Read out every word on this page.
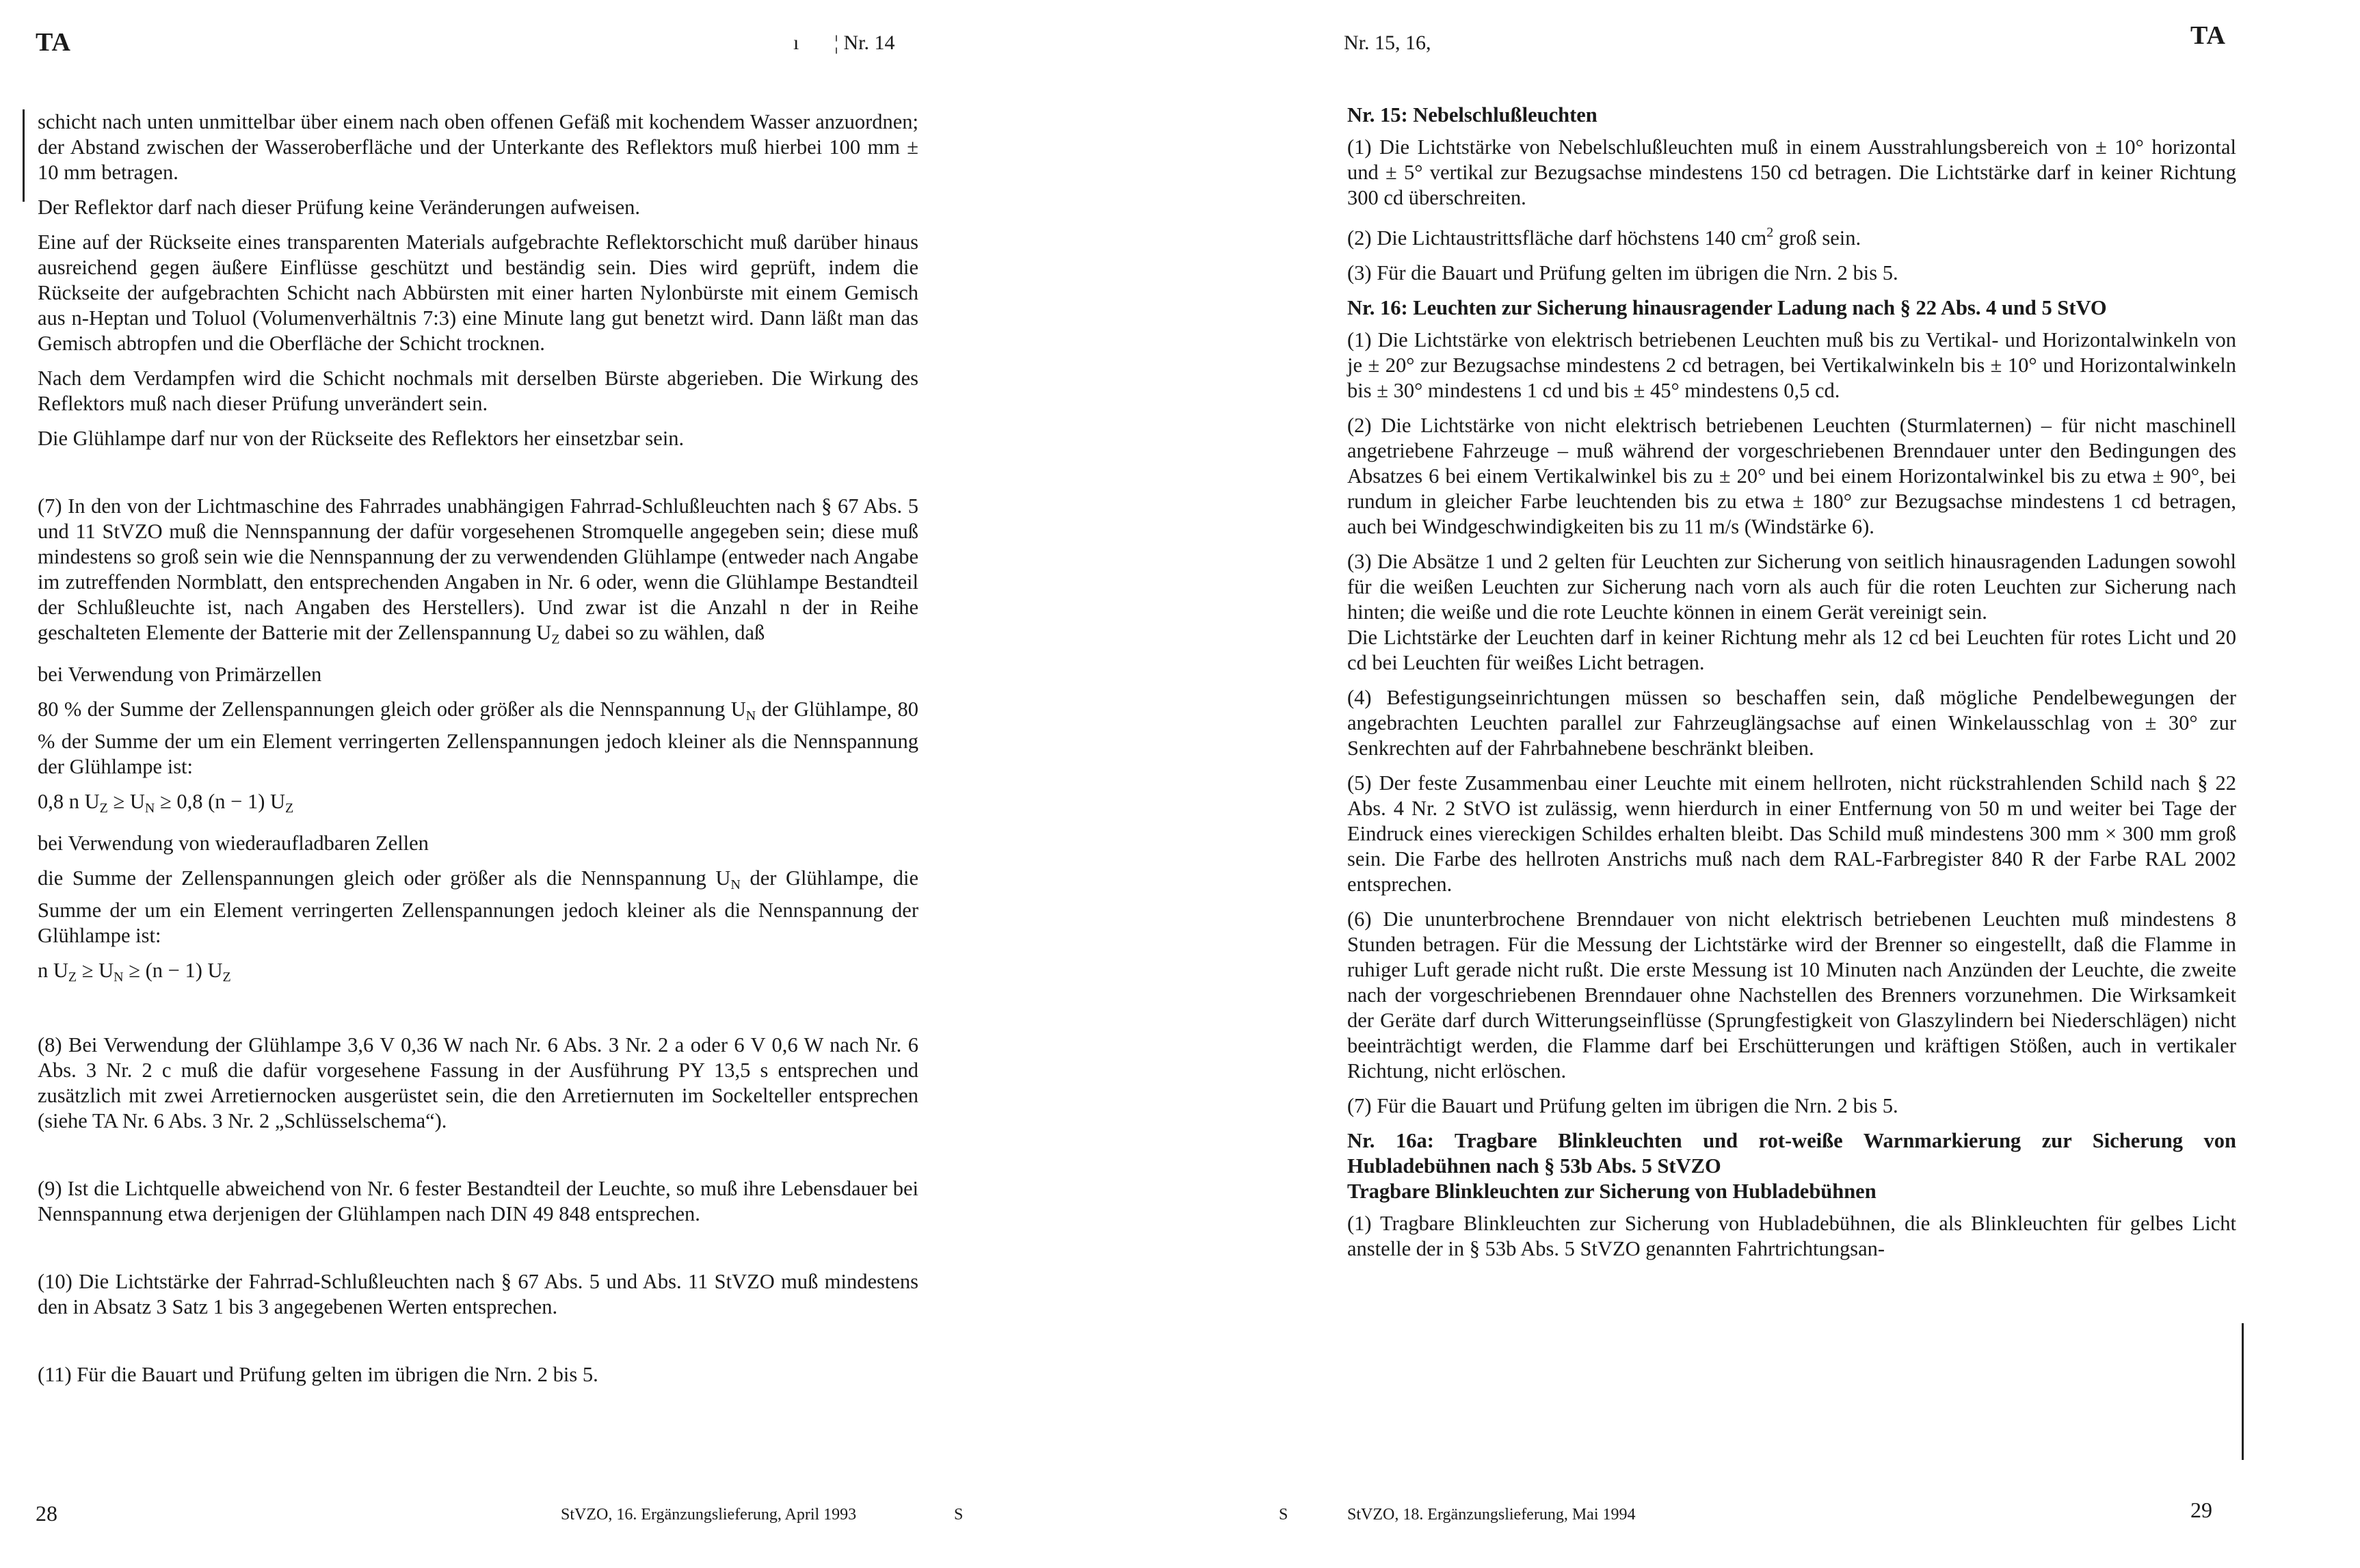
TA	ı ¦ Nr. 14

schicht nach unten unmittelbar über einem nach oben offenen Gefäß mit kochendem Wasser anzuordnen; der Abstand zwischen der Wasseroberfläche und der Unterkante des Reflektors muß hierbei 100 mm ± 10 mm betragen.

Der Reflektor darf nach dieser Prüfung keine Veränderungen aufweisen.

Eine auf der Rückseite eines transparenten Materials aufgebrachte Reflektorschicht muß darüber hinaus ausreichend gegen äußere Einflüsse geschützt und beständig sein. Dies wird geprüft, indem die Rückseite der aufgebrachten Schicht nach Abbürsten mit einer harten Nylonbürste mit einem Gemisch aus n-Heptan und Toluol (Volumenverhältnis 7:3) eine Minute lang gut benetzt wird. Dann läßt man das Gemisch abtropfen und die Oberfläche der Schicht trocknen.

Nach dem Verdampfen wird die Schicht nochmals mit derselben Bürste abgerieben. Die Wirkung des Reflektors muß nach dieser Prüfung unverändert sein.

Die Glühlampe darf nur von der Rückseite des Reflektors her einsetzbar sein.

(7) In den von der Lichtmaschine des Fahrrades unabhängigen Fahrrad-Schlußleuchten nach § 67 Abs. 5 und 11 StVZO muß die Nennspannung der dafür vorgesehenen Stromquelle angegeben sein; diese muß mindestens so groß sein wie die Nennspannung der zu verwendenden Glühlampe (entweder nach Angabe im zutreffenden Normblatt, den entsprechenden Angaben in Nr. 6 oder, wenn die Glühlampe Bestandteil der Schlußleuchte ist, nach Angaben des Herstellers). Und zwar ist die Anzahl n der in Reihe geschalteten Elemente der Batterie mit der Zellenspannung $U_Z$ dabei so zu wählen, daß

bei Verwendung von Primärzellen

80 % der Summe der Zellenspannungen gleich oder größer als die Nennspannung $U_N$ der Glühlampe, 80 % der Summe der um ein Element verringerten Zellenspannungen jedoch kleiner als die Nennspannung der Glühlampe ist:

0,8 n $U_Z \ge U_N \ge 0,8$ (n − 1) $U_Z$

bei Verwendung von wiederaufladbaren Zellen

die Summe der Zellenspannungen gleich oder größer als die Nennspannung $U_N$ der Glühlampe, die Summe der um ein Element verringerten Zellenspannungen jedoch kleiner als die Nennspannung der Glühlampe ist:

n $U_Z \ge U_N \ge (n - 1)$ $U_Z$

(8) Bei Verwendung der Glühlampe 3,6 V 0,36 W nach Nr. 6 Abs. 3 Nr. 2 a oder 6 V 0,6 W nach Nr. 6 Abs. 3 Nr. 2 c muß die dafür vorgesehene Fassung in der Ausführung PY 13,5 s entsprechen und zusätzlich mit zwei Arretiernocken ausgerüstet sein, die den Arretiernuten im Sockelteller entsprechen (siehe TA Nr. 6 Abs. 3 Nr. 2 „Schlüsselschema“).

(9) Ist die Lichtquelle abweichend von Nr. 6 fester Bestandteil der Leuchte, so muß ihre Lebensdauer bei Nennspannung etwa derjenigen der Glühlampen nach DIN 49 848 entsprechen.

(10) Die Lichtstärke der Fahrrad-Schlußleuchten nach § 67 Abs. 5 und Abs. 11 StVZO muß mindestens den in Absatz 3 Satz 1 bis 3 angegebenen Werten entsprechen.

(11) Für die Bauart und Prüfung gelten im übrigen die Nrn. 2 bis 5.

28	StVZO, 16. Ergänzungslieferung, April 1993	S
Nr. 15, 16,	TA

Nr. 15: Nebelschlußleuchten

(1) Die Lichtstärke von Nebelschlußleuchten muß in einem Ausstrahlungsbereich von ± 10° horizontal und ± 5° vertikal zur Bezugsachse mindestens 150 cd betragen. Die Lichtstärke darf in keiner Richtung 300 cd überschreiten.

(2) Die Lichtaustrittsfläche darf höchstens 140 $cm^2$ groß sein.

(3) Für die Bauart und Prüfung gelten im übrigen die Nrn. 2 bis 5.

Nr. 16: Leuchten zur Sicherung hinausragender Ladung nach § 22 Abs. 4 und 5 StVO

(1) Die Lichtstärke von elektrisch betriebenen Leuchten muß bis zu Vertikal- und Horizontalwinkeln von je ± 20° zur Bezugsachse mindestens 2 cd betragen, bei Vertikalwinkeln bis ± 10° und Horizontalwinkeln bis ± 30° mindestens 1 cd und bis ± 45° mindestens 0,5 cd.

(2) Die Lichtstärke von nicht elektrisch betriebenen Leuchten (Sturmlaternen) – für nicht maschinell angetriebene Fahrzeuge – muß während der vorgeschriebenen Brenndauer unter den Bedingungen des Absatzes 6 bei einem Vertikalwinkel bis zu ± 20° und bei einem Horizontalwinkel bis zu etwa ± 90°, bei rundum in gleicher Farbe leuchtenden bis zu etwa ± 180° zur Bezugsachse mindestens 1 cd betragen, auch bei Windgeschwindigkeiten bis zu 11 m/s (Windstärke 6).

(3) Die Absätze 1 und 2 gelten für Leuchten zur Sicherung von seitlich hinausragenden Ladungen sowohl für die weißen Leuchten zur Sicherung nach vorn als auch für die roten Leuchten zur Sicherung nach hinten; die weiße und die rote Leuchte können in einem Gerät vereinigt sein.

Die Lichtstärke der Leuchten darf in keiner Richtung mehr als 12 cd bei Leuchten für rotes Licht und 20 cd bei Leuchten für weißes Licht betragen.

(4) Befestigungseinrichtungen müssen so beschaffen sein, daß mögliche Pendelbewegungen der angebrachten Leuchten parallel zur Fahrzeuglängsachse auf einen Winkelausschlag von ± 30° zur Senkrechten auf der Fahrbahnebene beschränkt bleiben.

(5) Der feste Zusammenbau einer Leuchte mit einem hellroten, nicht rückstrahlenden Schild nach § 22 Abs. 4 Nr. 2 StVO ist zulässig, wenn hierdurch in einer Entfernung von 50 m und weiter bei Tage der Eindruck eines viereckigen Schildes erhalten bleibt. Das Schild muß mindestens 300 mm × 300 mm groß sein. Die Farbe des hellroten Anstrichs muß nach dem RAL-Farbregister 840 R der Farbe RAL 2002 entsprechen.

(6) Die ununterbrochene Brenndauer von nicht elektrisch betriebenen Leuchten muß mindestens 8 Stunden betragen. Für die Messung der Lichtstärke wird der Brenner so eingestellt, daß die Flamme in ruhiger Luft gerade nicht rußt. Die erste Messung ist 10 Minuten nach Anzünden der Leuchte, die zweite nach der vorgeschriebenen Brenndauer ohne Nachstellen des Brenners vorzunehmen. Die Wirksamkeit der Geräte darf durch Witterungseinflüsse (Sprungfestigkeit von Glaszylindern bei Niederschlägen) nicht beeinträchtigt werden, die Flamme darf bei Erschütterungen und kräftigen Stößen, auch in vertikaler Richtung, nicht erlöschen.

(7) Für die Bauart und Prüfung gelten im übrigen die Nrn. 2 bis 5.

Nr. 16a: Tragbare Blinkleuchten und rot-weiße Warnmarkierung zur Sicherung von Hubladebühnen nach § 53b Abs. 5 StVZO

Tragbare Blinkleuchten zur Sicherung von Hubladebühnen

(1) Tragbare Blinkleuchten zur Sicherung von Hubladebühnen, die als Blinkleuchten für gelbes Licht anstelle der in § 53b Abs. 5 StVZO genannten Fahrtrichtungsan-

S	StVZO, 18. Ergänzungslieferung, Mai 1994	29
